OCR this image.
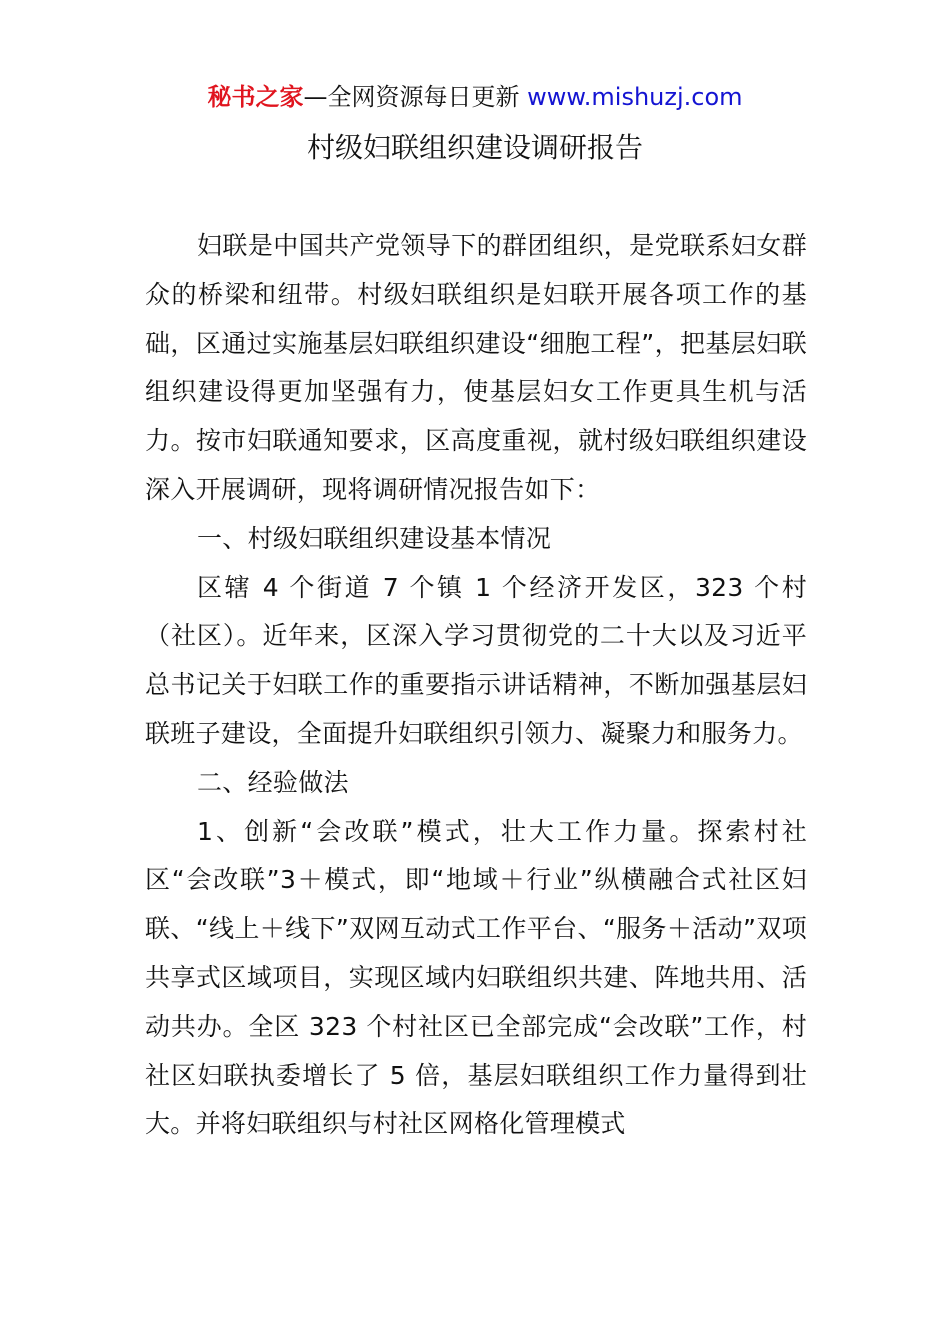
秘书之家—全网资源每日更新 www.mishuzj.com
村级妇联组织建设调研报告

妇联是中国共产党领导下的群团组织，是党联系妇女群众的桥梁和纽带。村级妇联组织是妇联开展各项工作的基础，区通过实施基层妇联组织建设“细胞工程”，把基层妇联组织建设得更加坚强有力，使基层妇女工作更具生机与活力。按市妇联通知要求，区高度重视，就村级妇联组织建设深入开展调研，现将调研情况报告如下：

一、村级妇联组织建设基本情况

区辖 4 个街道 7 个镇 1 个经济开发区，323 个村（社区）。近年来，区深入学习贯彻党的二十大以及习近平总书记关于妇联工作的重要指示讲话精神，不断加强基层妇联班子建设，全面提升妇联组织引领力、凝聚力和服务力。

二、经验做法

1、创新“会改联”模式，壮大工作力量。探索村社区“会改联”3＋模式，即“地域＋行业”纵横融合式社区妇联、“线上＋线下”双网互动式工作平台、“服务＋活动”双项共享式区域项目，实现区域内妇联组织共建、阵地共用、活动共办。全区 323 个村社区已全部完成“会改联”工作，村社区妇联执委增长了 5 倍，基层妇联组织工作力量得到壮大。并将妇联组织与村社区网格化管理模式
